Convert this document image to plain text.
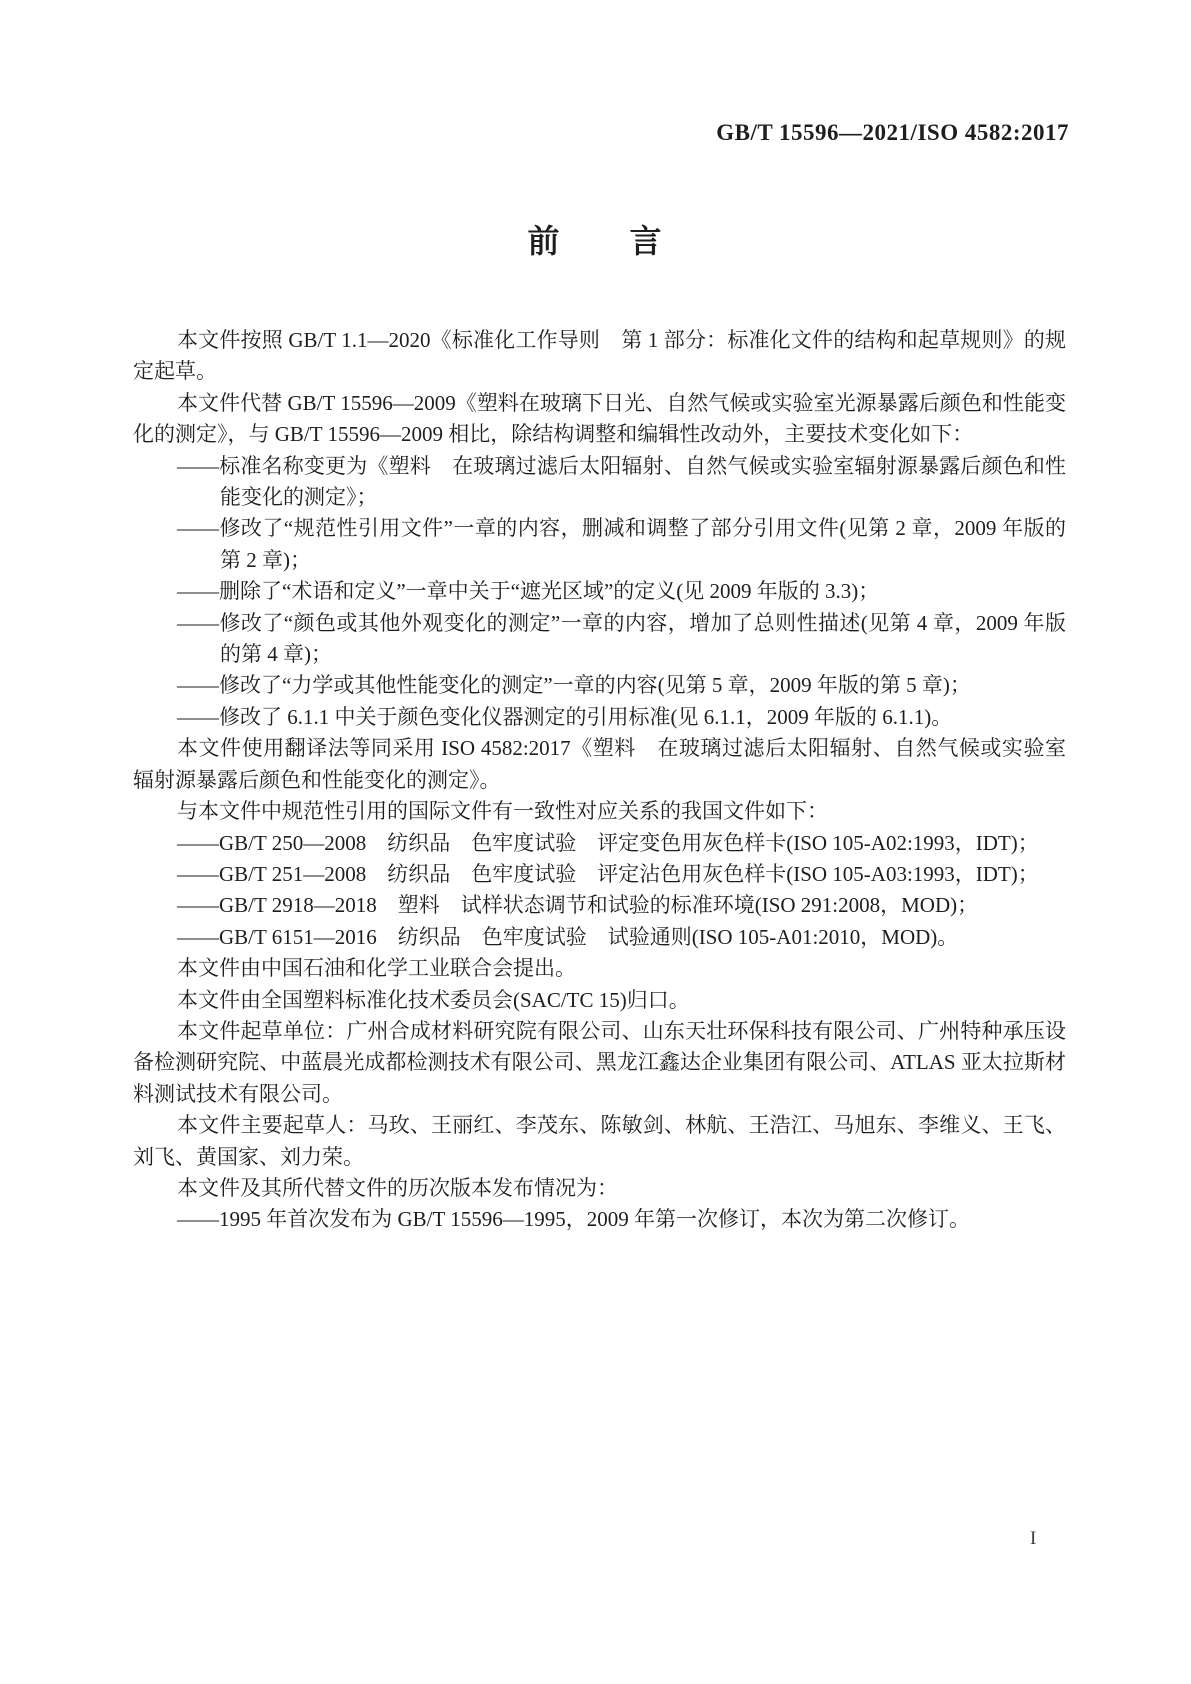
GB/T 15596—2021/ISO 4582:2017
前　　言

本文件按照 GB/T 1.1—2020《标准化工作导则　第 1 部分：标准化文件的结构和起草规则》的规定起草。

本文件代替 GB/T 15596—2009《塑料在玻璃下日光、自然气候或实验室光源暴露后颜色和性能变化的测定》，与 GB/T 15596—2009 相比，除结构调整和编辑性改动外，主要技术变化如下：

——标准名称变更为《塑料　在玻璃过滤后太阳辐射、自然气候或实验室辐射源暴露后颜色和性能变化的测定》；

——修改了“规范性引用文件”一章的内容，删减和调整了部分引用文件(见第 2 章，2009 年版的第 2 章)；

——删除了“术语和定义”一章中关于“遮光区域”的定义(见 2009 年版的 3.3)；

——修改了“颜色或其他外观变化的测定”一章的内容，增加了总则性描述(见第 4 章，2009 年版的第 4 章)；

——修改了“力学或其他性能变化的测定”一章的内容(见第 5 章，2009 年版的第 5 章)；

——修改了 6.1.1 中关于颜色变化仪器测定的引用标准(见 6.1.1，2009 年版的 6.1.1)。

本文件使用翻译法等同采用 ISO 4582:2017《塑料　在玻璃过滤后太阳辐射、自然气候或实验室辐射源暴露后颜色和性能变化的测定》。

与本文件中规范性引用的国际文件有一致性对应关系的我国文件如下：

——GB/T 250—2008　纺织品　色牢度试验　评定变色用灰色样卡(ISO 105-A02:1993，IDT)；

——GB/T 251—2008　纺织品　色牢度试验　评定沾色用灰色样卡(ISO 105-A03:1993，IDT)；

——GB/T 2918—2018　塑料　试样状态调节和试验的标准环境(ISO 291:2008，MOD)；

——GB/T 6151—2016　纺织品　色牢度试验　试验通则(ISO 105-A01:2010，MOD)。

本文件由中国石油和化学工业联合会提出。

本文件由全国塑料标准化技术委员会(SAC/TC 15)归口。

本文件起草单位：广州合成材料研究院有限公司、山东天壮环保科技有限公司、广州特种承压设备检测研究院、中蓝晨光成都检测技术有限公司、黑龙江鑫达企业集团有限公司、ATLAS 亚太拉斯材料测试技术有限公司。

本文件主要起草人：马玫、王丽红、李茂东、陈敏剑、林航、王浩江、马旭东、李维义、王飞、刘飞、黄国家、刘力荣。

本文件及其所代替文件的历次版本发布情况为：

——1995 年首次发布为 GB/T 15596—1995，2009 年第一次修订，本次为第二次修订。

I
